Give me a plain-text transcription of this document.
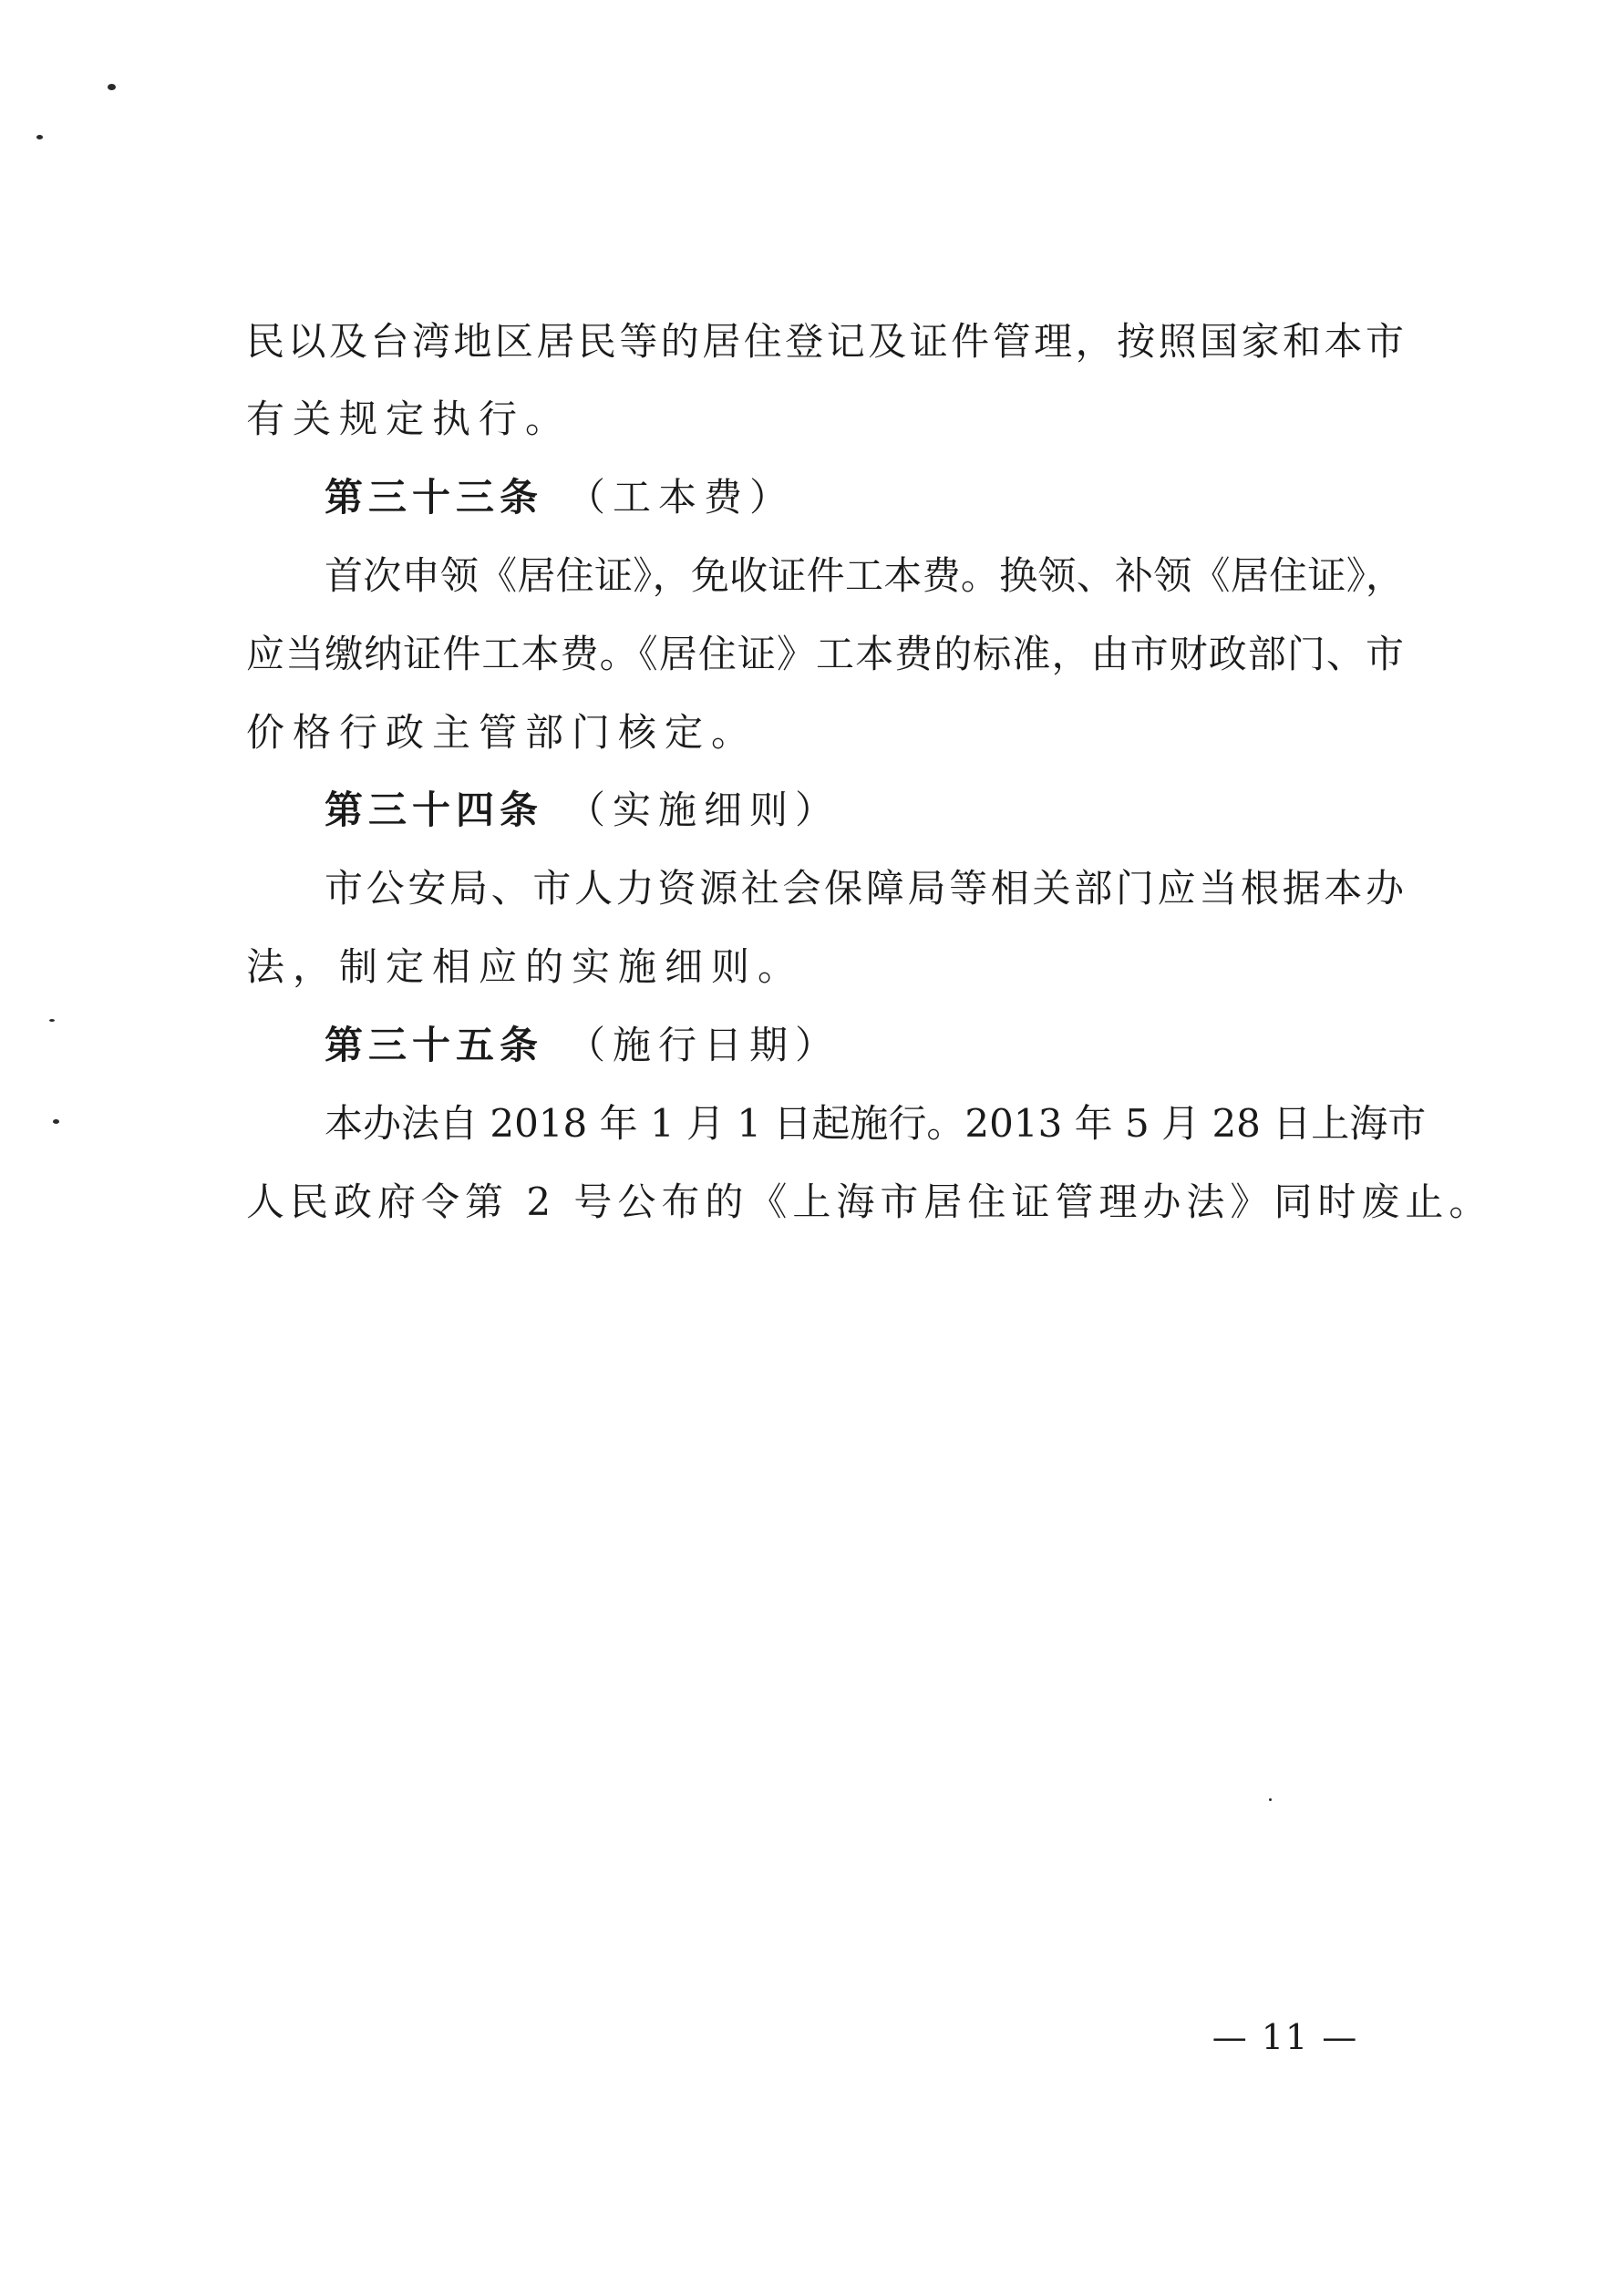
民以及台湾地区居民等的居住登记及证件管理，按照国家和本市
有关规定执行。
第三十三条 （工本费）
首次申领《居住证》，免收证件工本费。换领、补领《居住证》，
应当缴纳证件工本费。《居住证》工本费的标准，由市财政部门、市
价格行政主管部门核定。
第三十四条 （实施细则）
市公安局、市人力资源社会保障局等相关部门应当根据本办
法，制定相应的实施细则。
第三十五条 （施行日期）
本办法自 2018 年 1 月 1 日起施行。2013 年 5 月 28 日上海市
人民政府令第 2 号公布的《上海市居住证管理办法》同时废止。
— 11 —
